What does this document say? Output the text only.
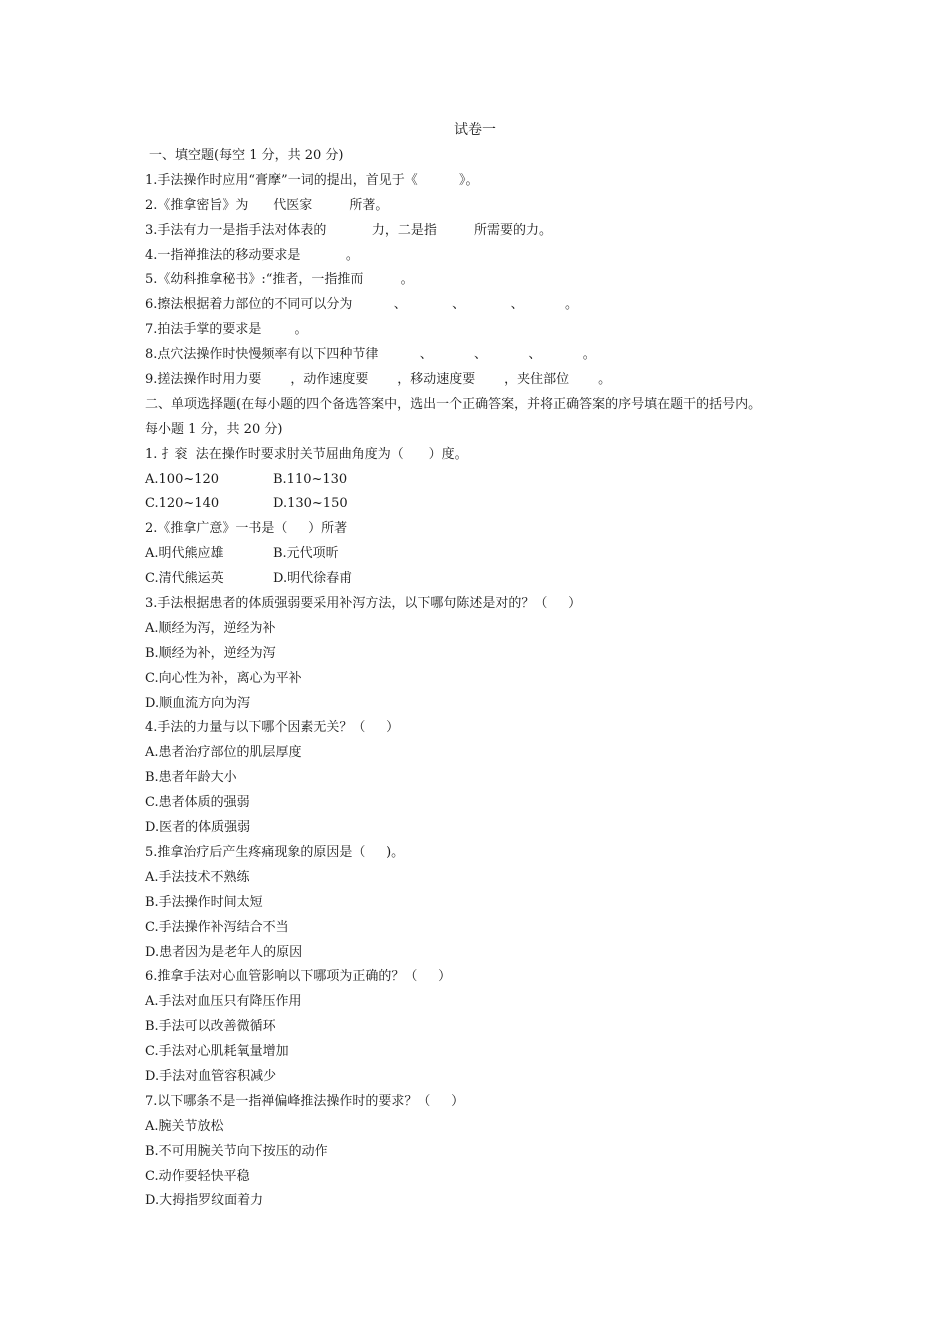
试卷一
一、填空题(每空 1 分，共 20 分)
1.手法操作时应用“膏摩”一词的提出，首见于《          》。
2.《推拿密旨》为      代医家         所著。
3.手法有力一是指手法对体表的           力，二是指         所需要的力。
4.一指禅推法的移动要求是           。
5.《幼科推拿秘书》:“推者，一指推而         。
6.擦法根据着力部位的不同可以分为          、           、           、          。
7.拍法手掌的要求是        。
8.点穴法操作时快慢频率有以下四种节律          、          、          、          。
9.搓法操作时用力要       ，动作速度要       ，移动速度要       ，夹住部位       。
二、单项选择题(在每小题的四个备选答案中，选出一个正确答案，并将正确答案的序号填在题干的括号内。
每小题 1 分，共 20 分)
1. 扌衮  法在操作时要求肘关节屈曲角度为（      ）度。
A.100~120	B.110~130
C.120~140	D.130~150
2.《推拿广意》一书是（     ）所著
A.明代熊应雄	B.元代项昕
C.清代熊运英	D.明代徐春甫
3.手法根据患者的体质强弱要采用补泻方法，以下哪句陈述是对的？（     ）
A.顺经为泻，逆经为补
B.顺经为补，逆经为泻
C.向心性为补，离心为平补
D.顺血流方向为泻
4.手法的力量与以下哪个因素无关？（     ）
A.患者治疗部位的肌层厚度
B.患者年龄大小
C.患者体质的强弱
D.医者的体质强弱
5.推拿治疗后产生疼痛现象的原因是（     )。
A.手法技术不熟练
B.手法操作时间太短
C.手法操作补泻结合不当
D.患者因为是老年人的原因
6.推拿手法对心血管影响以下哪项为正确的？（     ）
A.手法对血压只有降压作用
B.手法可以改善微循环
C.手法对心肌耗氧量增加
D.手法对血管容积减少
7.以下哪条不是一指禅偏峰推法操作时的要求？（     ）
A.腕关节放松
B.不可用腕关节向下按压的动作
C.动作要轻快平稳
D.大拇指罗纹面着力
